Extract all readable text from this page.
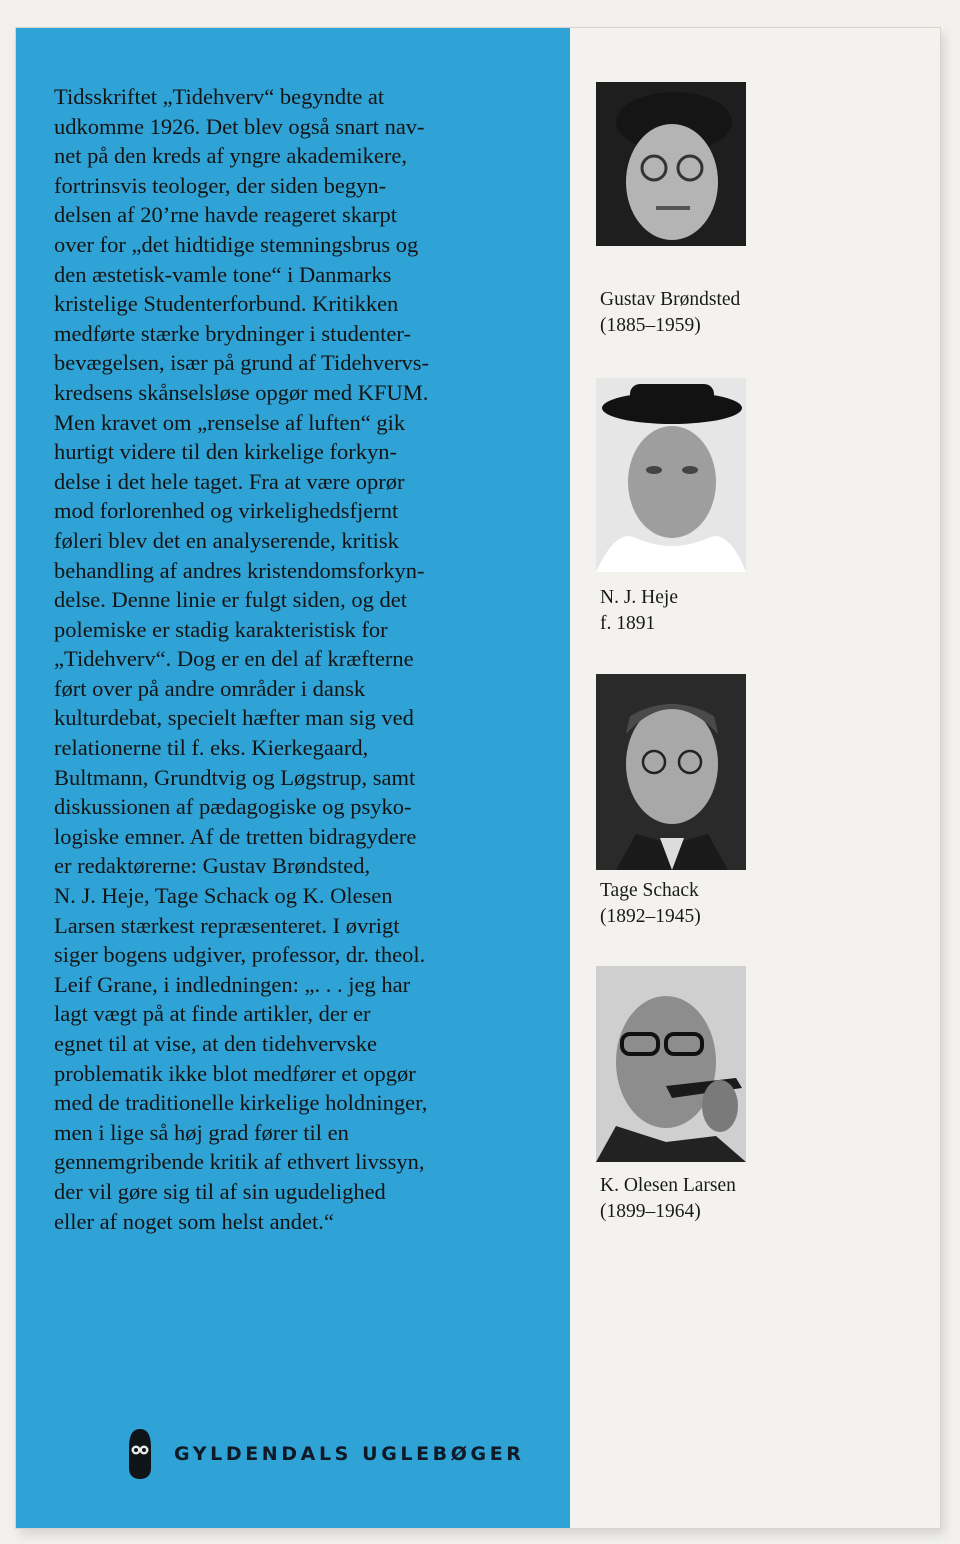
Tidsskriftet „Tidehverv“ begyndte at
udkomme 1926. Det blev også snart nav-
net på den kreds af yngre akademikere,
fortrinsvis teologer, der siden begyn-
delsen af 20’rne havde reageret skarpt
over for „det hidtidige stemningsbrus og
den æstetisk-vamle tone“ i Danmarks
kristelige Studenterforbund. Kritikken
medførte stærke brydninger i studenter-
bevægelsen, især på grund af Tidehvervs-
kredsens skånselsløse opgør med KFUM.
Men kravet om „renselse af luften“ gik
hurtigt videre til den kirkelige forkyn-
delse i det hele taget. Fra at være oprør
mod forlorenhed og virkelighedsfjernt
føleri blev det en analyserende, kritisk
behandling af andres kristendomsforkyn-
delse. Denne linie er fulgt siden, og det
polemiske er stadig karakteristisk for
„Tidehverv“. Dog er en del af kræfterne
ført over på andre områder i dansk
kulturdebat, specielt hæfter man sig ved
relationerne til f. eks. Kierkegaard,
Bultmann, Grundtvig og Løgstrup, samt
diskussionen af pædagogiske og psyko-
logiske emner. Af de tretten bidragydere
er redaktørerne: Gustav Brøndsted,
N. J. Heje, Tage Schack og K. Olesen
Larsen stærkest repræsenteret. I øvrigt
siger bogens udgiver, professor, dr. theol.
Leif Grane, i indledningen: „. . . jeg har
lagt vægt på at finde artikler, der er
egnet til at vise, at den tidehvervske
problematik ikke blot medfører et opgør
med de traditionelle kirkelige holdninger,
men i lige så høj grad fører til en
gennemgribende kritik af ethvert livssyn,
der vil gøre sig til af sin ugudelighed
eller af noget som helst andet.“

Gustav Brøndsted
(1885–1959)

N. J. Heje
f. 1891

Tage Schack
(1892–1945)

K. Olesen Larsen
(1899–1964)

GYLDENDALS UGLEBØGER
